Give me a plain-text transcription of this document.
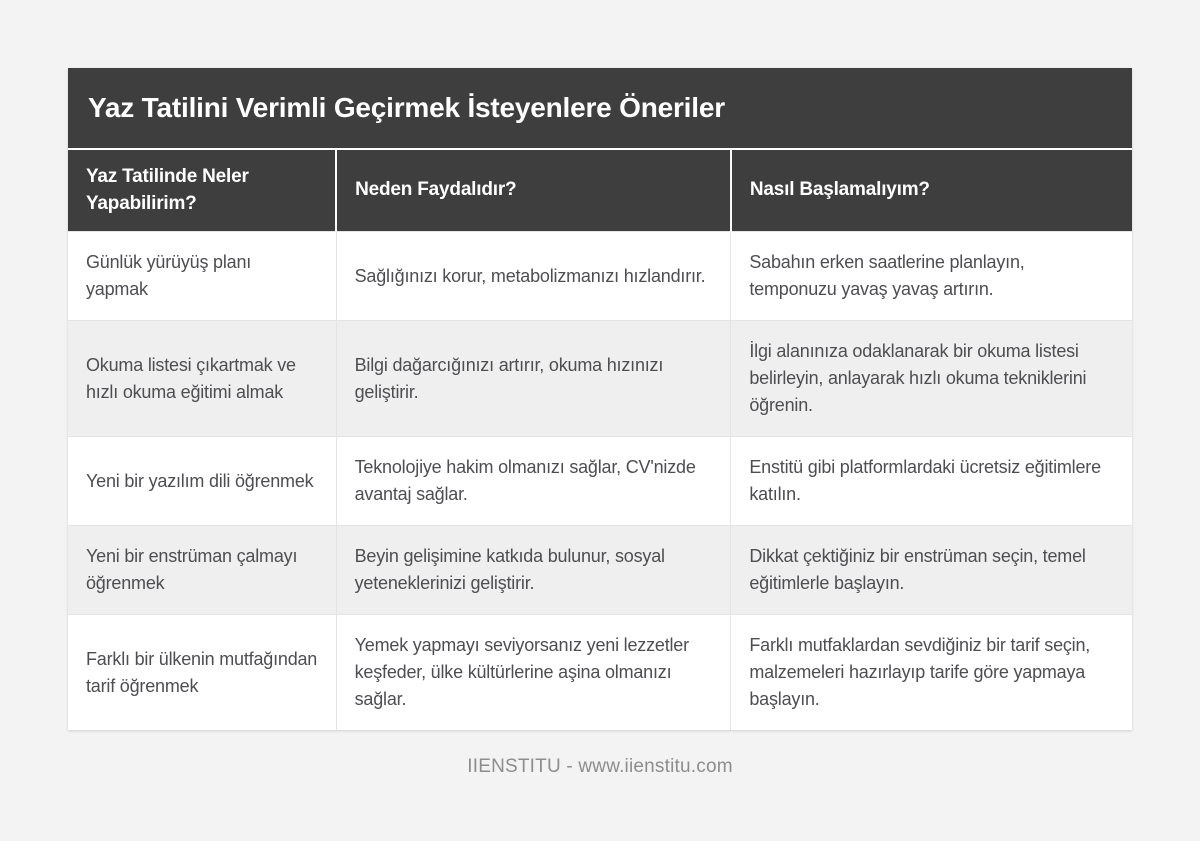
Yaz Tatilini Verimli Geçirmek İsteyenlere Öneriler
Yaz Tatilinde Neler Yapabilirim?	Neden Faydalıdır?	Nasıl Başlamalıyım?
Günlük yürüyüş planı yapmak	Sağlığınızı korur, metabolizmanızı hızlandırır.	Sabahın erken saatlerine planlayın, temponuzu yavaş yavaş artırın.
Okuma listesi çıkartmak ve hızlı okuma eğitimi almak	Bilgi dağarcığınızı artırır, okuma hızınızı geliştirir.	İlgi alanınıza odaklanarak bir okuma listesi belirleyin, anlayarak hızlı okuma tekniklerini öğrenin.
Yeni bir yazılım dili öğrenmek	Teknolojiye hakim olmanızı sağlar, CV'nizde avantaj sağlar.	Enstitü gibi platformlardaki ücretsiz eğitimlere katılın.
Yeni bir enstrüman çalmayı öğrenmek	Beyin gelişimine katkıda bulunur, sosyal yeteneklerinizi geliştirir.	Dikkat çektiğiniz bir enstrüman seçin, temel eğitimlerle başlayın.
Farklı bir ülkenin mutfağından tarif öğrenmek	Yemek yapmayı seviyorsanız yeni lezzetler keşfeder, ülke kültürlerine aşina olmanızı sağlar.	Farklı mutfaklardan sevdiğiniz bir tarif seçin, malzemeleri hazırlayıp tarife göre yapmaya başlayın.
IIENSTITU - www.iienstitu.com
